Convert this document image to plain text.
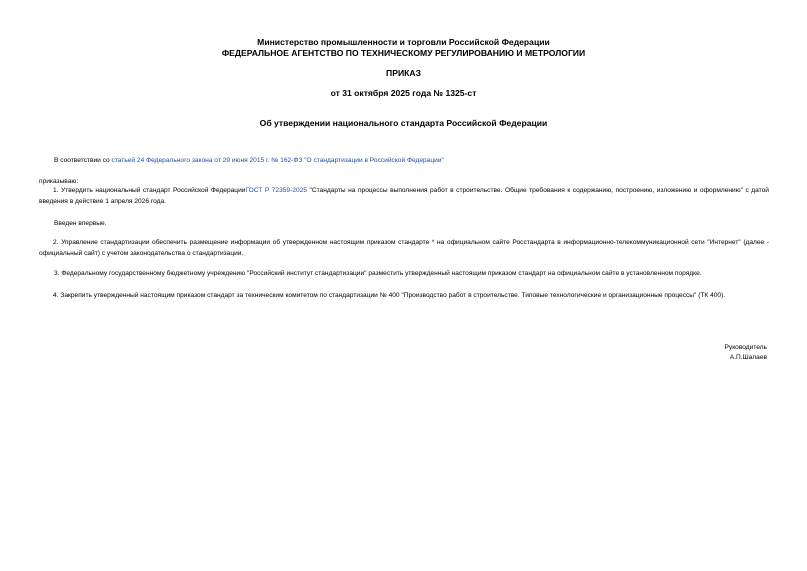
Министерство промышленности и торговли Российской Федерации
ФЕДЕРАЛЬНОЕ АГЕНТСТВО ПО ТЕХНИЧЕСКОМУ РЕГУЛИРОВАНИЮ И МЕТРОЛОГИИ
ПРИКАЗ
от 31 октября 2025 года № 1325-ст
Об утверждении национального стандарта Российской Федерации
В соответствии со статьей 24 Федерального закона от 29 июня 2015 г. № 162-ФЗ "О стандартизации в Российской Федерации"
приказываю:
1. Утвердить национальный стандарт Российской ФедерацииГОСТ Р 72359-2025 "Стандарты на процессы выполнения работ в строительстве. Общие требования к содержанию, построению, изложению и оформлению" с датой введения в действие 1 апреля 2026 года.
Введен впервые.
2. Управление стандартизации обеспечить размещение информации об утвержденном настоящим приказом стандарте * на официальном сайте Росстандарта в информационно-телекоммуникационной сети "Интернет" (далее - официальный сайт) с учетом законодательства о стандартизации.
3. Федеральному государственному бюджетному учреждению "Российский институт стандартизации" разместить утвержденный настоящим приказом стандарт на официальном сайте в установленном порядке.
4. Закрепить утвержденный настоящим приказом стандарт за техническим комитетом по стандартизации № 400 "Производство работ в строительстве. Типовые технологические и организационные процессы" (ТК 400).
Руководитель
А.П.Шалаев
